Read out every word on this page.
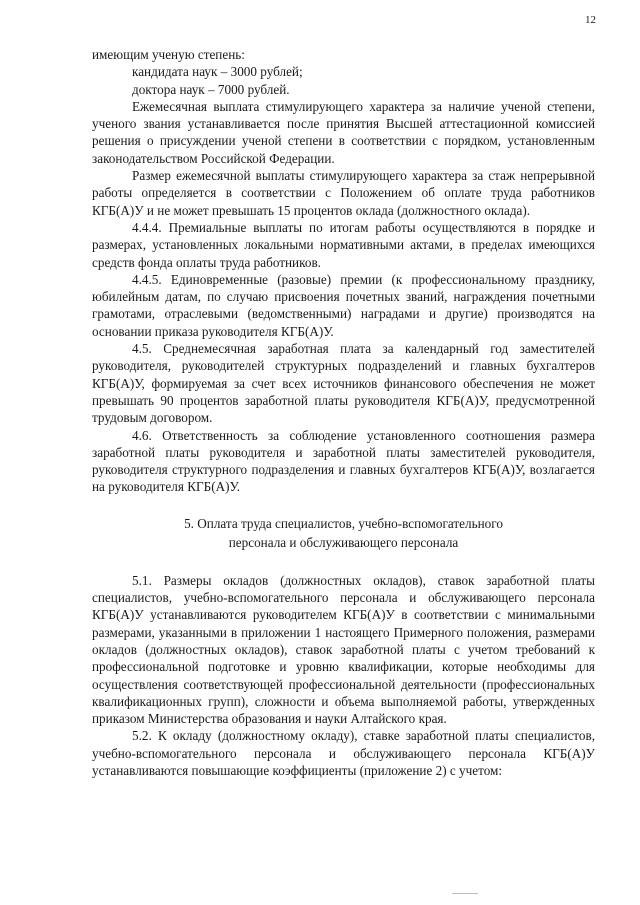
12

имеющим ученую степень:

кандидата наук – 3000 рублей;

доктора наук – 7000 рублей.

Ежемесячная выплата стимулирующего характера за наличие ученой степени, ученого звания устанавливается после принятия Высшей аттестационной комиссией решения о присуждении ученой степени в соответствии с порядком, установленным законодательством Российской Федерации.

Размер ежемесячной выплаты стимулирующего характера за стаж непрерывной работы определяется в соответствии с Положением об оплате труда работников КГБ(А)У и не может превышать 15 процентов оклада (должностного оклада).

4.4.4. Премиальные выплаты по итогам работы осуществляются в порядке и размерах, установленных локальными нормативными актами, в пределах имеющихся средств фонда оплаты труда работников.

4.4.5. Единовременные (разовые) премии (к профессиональному празднику, юбилейным датам, по случаю присвоения почетных званий, награждения почетными грамотами, отраслевыми (ведомственными) наградами и другие) производятся на основании приказа руководителя КГБ(А)У.

4.5. Среднемесячная заработная плата за календарный год заместителей руководителя, руководителей структурных подразделений и главных бухгалтеров КГБ(А)У, формируемая за счет всех источников финансового обеспечения не может превышать 90 процентов заработной платы руководителя КГБ(А)У, предусмотренной трудовым договором.

4.6. Ответственность за соблюдение установленного соотношения размера заработной платы руководителя и заработной платы заместителей руководителя, руководителя структурного подразделения и главных бухгалтеров КГБ(А)У, возлагается на руководителя КГБ(А)У.

5. Оплата труда специалистов, учебно-вспомогательного
персонала и обслуживающего персонала

5.1. Размеры окладов (должностных окладов), ставок заработной платы специалистов, учебно-вспомогательного персонала и обслуживающего персонала КГБ(А)У устанавливаются руководителем КГБ(А)У в соответствии с минимальными размерами, указанными в приложении 1 настоящего Примерного положения, размерами окладов (должностных окладов), ставок заработной платы с учетом требований к профессиональной подготовке и уровню квалификации, которые необходимы для осуществления соответствующей профессиональной деятельности (профессиональных квалификационных групп), сложности и объема выполняемой работы, утвержденных приказом Министерства образования и науки Алтайского края.

5.2. К окладу (должностному окладу), ставке заработной платы специалистов, учебно-вспомогательного персонала и обслуживающего персонала КГБ(А)У устанавливаются повышающие коэффициенты (приложение 2) с учетом:
